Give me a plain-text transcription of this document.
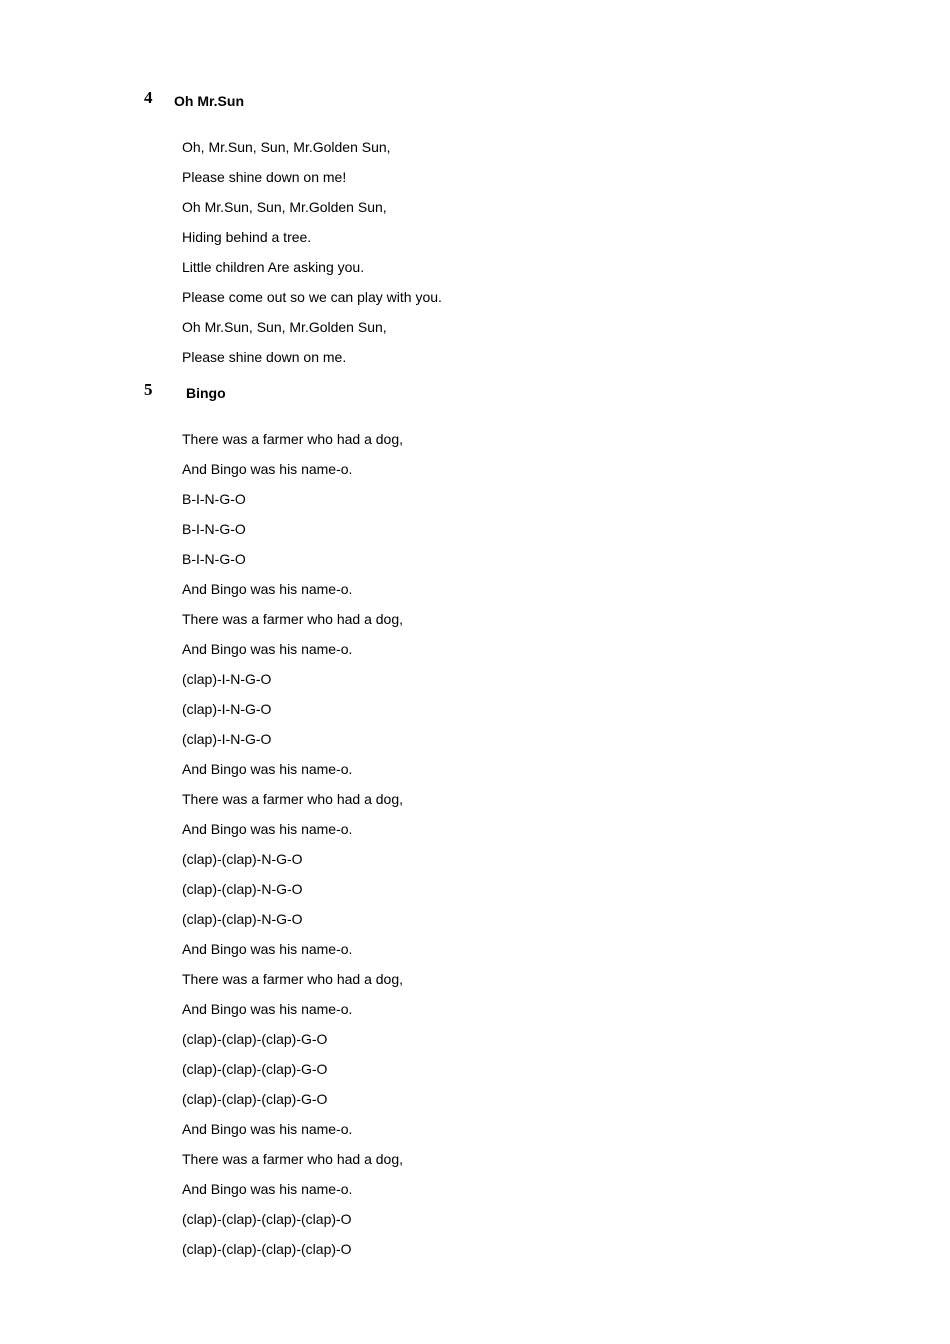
4 Oh Mr.Sun
Oh, Mr.Sun, Sun, Mr.Golden Sun,
Please shine down on me!
Oh Mr.Sun, Sun, Mr.Golden Sun,
Hiding behind a tree.
Little children Are asking you.
Please come out so we can play with you.
Oh Mr.Sun, Sun, Mr.Golden Sun,
Please shine down on me.
5 Bingo
There was a farmer who had a dog,
And Bingo was his name-o.
B-I-N-G-O
B-I-N-G-O
B-I-N-G-O
And Bingo was his name-o.
There was a farmer who had a dog,
And Bingo was his name-o.
(clap)-I-N-G-O
(clap)-I-N-G-O
(clap)-I-N-G-O
And Bingo was his name-o.
There was a farmer who had a dog,
And Bingo was his name-o.
(clap)-(clap)-N-G-O
(clap)-(clap)-N-G-O
(clap)-(clap)-N-G-O
And Bingo was his name-o.
There was a farmer who had a dog,
And Bingo was his name-o.
(clap)-(clap)-(clap)-G-O
(clap)-(clap)-(clap)-G-O
(clap)-(clap)-(clap)-G-O
And Bingo was his name-o.
There was a farmer who had a dog,
And Bingo was his name-o.
(clap)-(clap)-(clap)-(clap)-O
(clap)-(clap)-(clap)-(clap)-O
